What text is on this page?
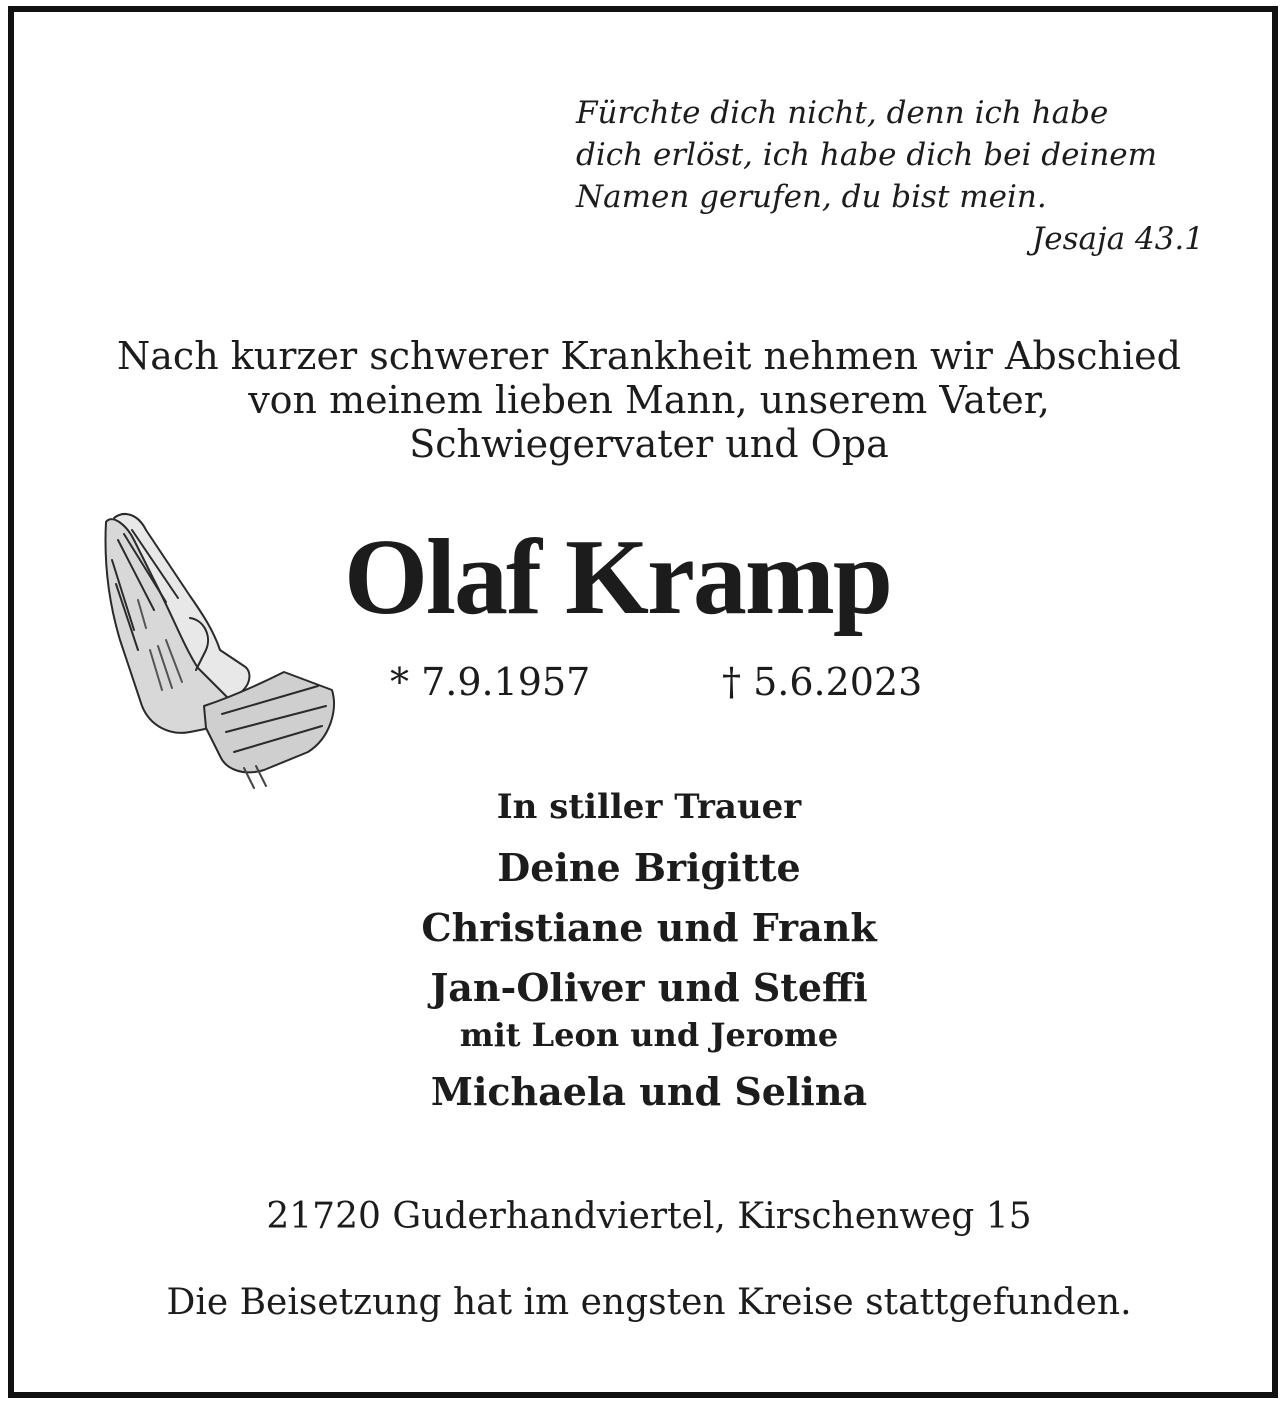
Fürchte dich nicht, denn ich habe
dich erlöst, ich habe dich bei deinem
Namen gerufen, du bist mein.
Jesaja 43.1
Nach kurzer schwerer Krankheit nehmen wir Abschied
von meinem lieben Mann, unserem Vater,
Schwiegervater und Opa
Olaf Kramp
* 7.9.1957	† 5.6.2023
In stiller Trauer
Deine Brigitte
Christiane und Frank
Jan-Oliver und Steffi
mit Leon und Jerome
Michaela und Selina
21720 Guderhandviertel, Kirschenweg 15
Die Beisetzung hat im engsten Kreise stattgefunden.
